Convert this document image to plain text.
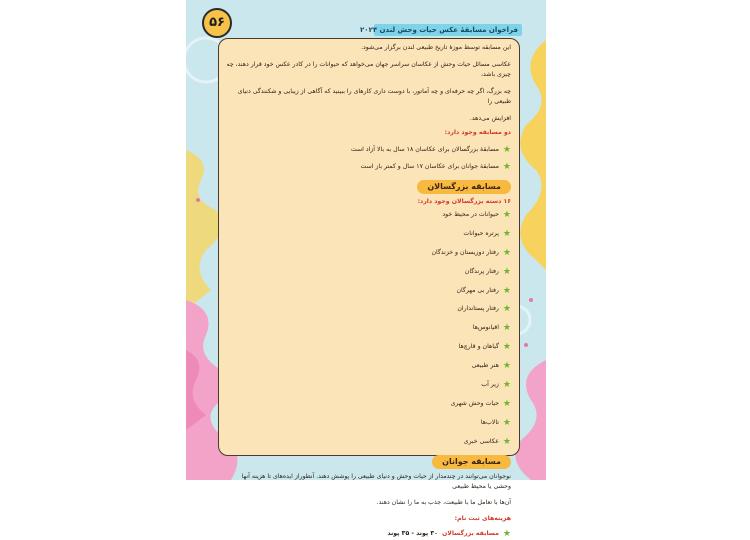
۵۶	فراخوان مسابقهٔ عکس حیات وحش لندن ۲۰۲۴

این مسابقه توسط موزهٔ تاریخ طبیعی لندن برگزار می‌شود.

عکاسی مسائل حیات وحش از عکاسان سراسر جهان می‌خواهد که حیوانات را در کادر عکس خود قرار دهند، چه چیزی باشد،

چه بزرگ، اگر چه حرفه‌ای و چه آماتور، با دوست داری کارهای را ببینید که آگاهی از زیبایی و شکنندگی دنیای طبیعی را

افزایش می‌دهد.

دو مسابقه وجود دارد:
★
مسابقهٔ بزرگسالان برای عکاسان ۱۸ سال به بالا آزاد است
★
مسابقهٔ جوانان برای عکاسان ۱۷ سال و کمتر باز است
مسابقه بزرگسالان
۱۶ دسته بزرگسالان وجود دارد:
★
حیوانات در محیط خود
★
پرتره حیوانات
★
رفتار دوزیستان و خزندگان
★
رفتار پرندگان
★
رفتار بی مهرگان
★
رفتار پستانداران
★
اقیانوس‌ها
★
گیاهان و قارچ‌ها
★
هنر طبیعی
★
زیر آب
★
حیات وحش شهری
★
تالاب‌ها
★
عکاسی خبری
مسابقه جوانان

نوجوانان می‌توانند در چندمدار از حیات وحش و دنیای طبیعی را پوشش دهند. آنطوراز ایده‌های تا هزینه آنها وحشی یا محیط طبیعی

آن‌ها با تعامل ما با طبیعت، جذب به ما را نشان دهند.

هزینه‌های ثبت نام:
★
مسابقه بزرگسالان
۳۰ پوند - ۳۵ پوند
